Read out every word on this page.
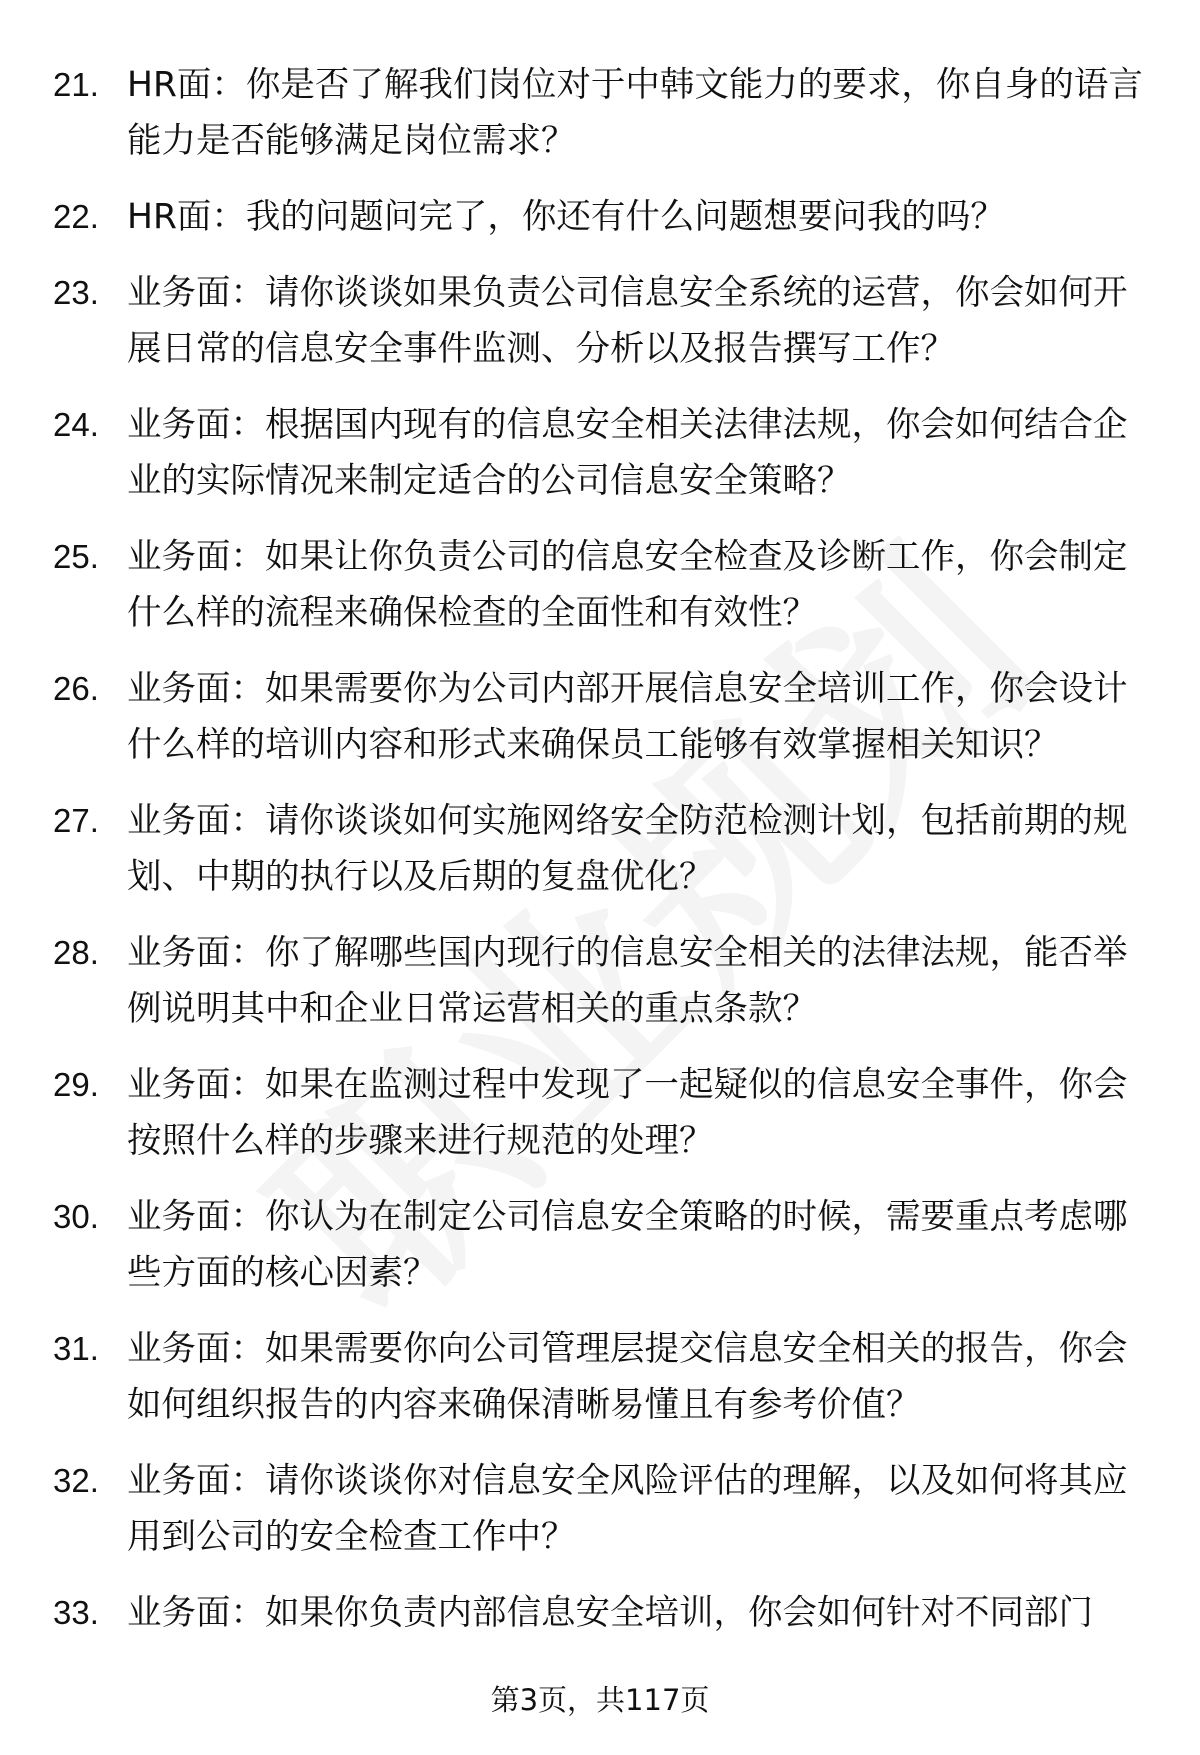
21. HR面：你是否了解我们岗位对于中韩文能力的要求，你自身的语言能力是否能够满足岗位需求？
22. HR面：我的问题问完了，你还有什么问题想要问我的吗？
23. 业务面：请你谈谈如果负责公司信息安全系统的运营，你会如何开展日常的信息安全事件监测、分析以及报告撰写工作？
24. 业务面：根据国内现有的信息安全相关法律法规，你会如何结合企业的实际情况来制定适合的公司信息安全策略？
25. 业务面：如果让你负责公司的信息安全检查及诊断工作，你会制定什么样的流程来确保检查的全面性和有效性？
26. 业务面：如果需要你为公司内部开展信息安全培训工作，你会设计什么样的培训内容和形式来确保员工能够有效掌握相关知识？
27. 业务面：请你谈谈如何实施网络安全防范检测计划，包括前期的规划、中期的执行以及后期的复盘优化？
28. 业务面：你了解哪些国内现行的信息安全相关的法律法规，能否举例说明其中和企业日常运营相关的重点条款？
29. 业务面：如果在监测过程中发现了一起疑似的信息安全事件，你会按照什么样的步骤来进行规范的处理？
30. 业务面：你认为在制定公司信息安全策略的时候，需要重点考虑哪些方面的核心因素？
31. 业务面：如果需要你向公司管理层提交信息安全相关的报告，你会如何组织报告的内容来确保清晰易懂且有参考价值？
32. 业务面：请你谈谈你对信息安全风险评估的理解，以及如何将其应用到公司的安全检查工作中？
33. 业务面：如果你负责内部信息安全培训，你会如何针对不同部门
第3页，共117页
